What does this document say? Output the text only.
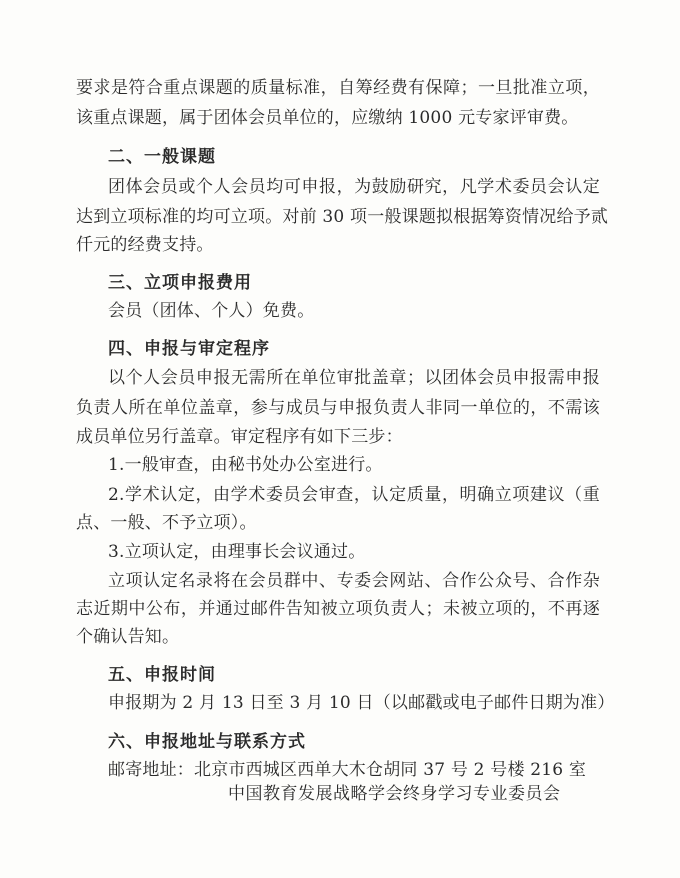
要求是符合重点课题的质量标准，自筹经费有保障；一旦批准立项，
该重点课题，属于团体会员单位的，应缴纳 1000 元专家评审费。
二、一般课题
团体会员或个人会员均可申报，为鼓励研究，凡学术委员会认定
达到立项标准的均可立项。对前 30 项一般课题拟根据筹资情况给予贰
仟元的经费支持。
三、立项申报费用
会员（团体、个人）免费。
四、申报与审定程序
以个人会员申报无需所在单位审批盖章；以团体会员申报需申报
负责人所在单位盖章，参与成员与申报负责人非同一单位的，不需该
成员单位另行盖章。审定程序有如下三步：
1.一般审查，由秘书处办公室进行。
2.学术认定，由学术委员会审查，认定质量，明确立项建议（重
点、一般、不予立项）。
3.立项认定，由理事长会议通过。
立项认定名录将在会员群中、专委会网站、合作公众号、合作杂
志近期中公布，并通过邮件告知被立项负责人；未被立项的，不再逐
个确认告知。
五、申报时间
申报期为 2 月 13 日至 3 月 10 日（以邮戳或电子邮件日期为准）
六、申报地址与联系方式
邮寄地址：北京市西城区西单大木仓胡同 37 号 2 号楼 216 室
中国教育发展战略学会终身学习专业委员会
